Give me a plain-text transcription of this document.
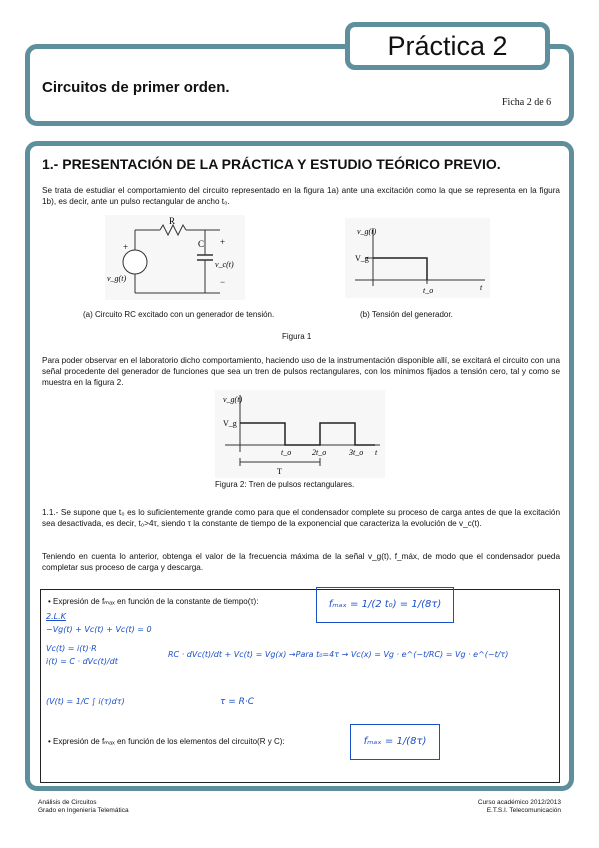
Práctica 2
Circuitos de primer orden.
Ficha 2 de 6
1.- PRESENTACIÓN DE LA PRÁCTICA Y ESTUDIO TEÓRICO PREVIO.
Se trata de estudiar el comportamiento del circuito representado en la figura 1a) ante una excitación como la que se representa en la figura 1b), es decir, ante un pulso rectangular de ancho t₀.
R
C
+	+
−
v_g(t)
v_c(t)
v_g(t)
V_g
t_o	t
(a) Circuito RC excitado con un generador de tensión.	(b) Tensión del generador.
Figura 1
Para poder observar en el laboratorio dicho comportamiento, haciendo uso de la instrumentación disponible allí, se excitará el circuito con una señal procedente del generador de funciones que sea un tren de pulsos rectangulares, con los mínimos fijados a tensión cero, tal y como se muestra en la figura 2.
v_g(t)
V_g
t_o	2t_o	3t_o t
T
Figura 2: Tren de pulsos rectangulares.
1.1.- Se supone que t₀ es lo suficientemente grande como para que el condensador complete su proceso de carga antes de que la excitación sea desactivada, es decir, t₀>4τ, siendo τ la constante de tiempo de la exponencial que caracteriza la evolución de v_c(t).
Teniendo en cuenta lo anterior, obtenga el valor de la frecuencia máxima de la señal v_g(t), f_máx, de modo que el condensador pueda completar sus proceso de carga y descarga.
• Expresión de fₘₐₓ en función de la constante de tiempo(τ):	fₘₐₓ = 1/(2 t₀) = 1/(8τ)
2.L.K
−Vg(t) + Vc(t) + Vc(t) = 0
Vc(t) = i(t)·R
i(t) = C · dVc(t)/dt
RC · dVc(t)/dt + Vc(t) = Vg(x) →Para t₀=4τ → Vc(x) = Vg · e^(−t/RC) = Vg · e^(−t/τ)
(V(t) = 1/C ∫ i(τ)dτ)	τ = R·C
• Expresión de fₘₐₓ en función de los elementos del circuito(R y C):	fₘₐₓ = 1/(8τ)
Análisis de Circuitos
Grado en Ingeniería Telemática
Curso académico 2012/2013
E.T.S.I. Telecomunicación
